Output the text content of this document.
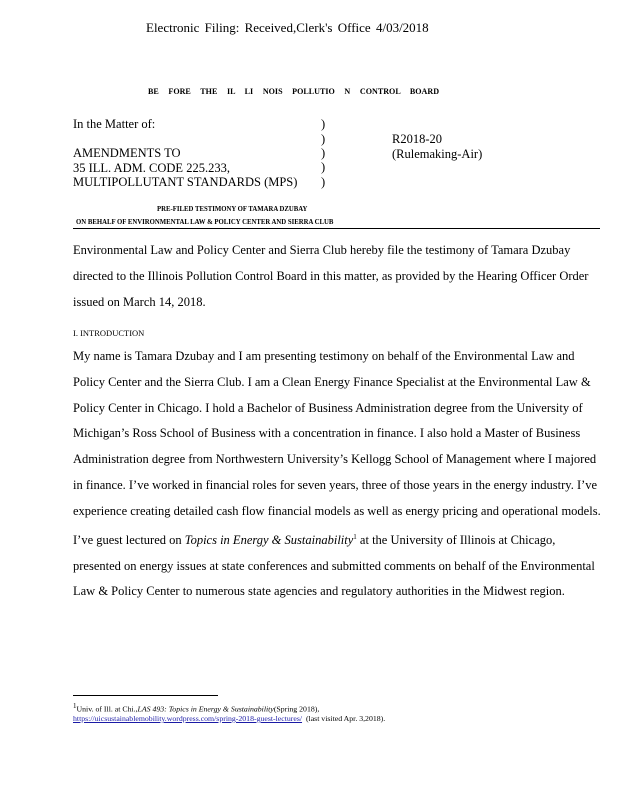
Electronic Filing: Received,Clerk's Office 4/03/2018
BE FORE THE IL LI NOIS POLLUTIO N CONTROL BOARD
In the Matter of:	)
)
)
)
)
AMENDMENTS TO
35 ILL. ADM. CODE 225.233,
MULTIPOLLUTANT STANDARDS (MPS)
R2018-20
(Rulemaking-Air)
PRE-FILED TESTIMONY OF TAMARA DZUBAY
ON BEHALF OF ENVIRONMENTAL LAW & POLICY CENTER AND SIERRA CLUB
Environmental Law and Policy Center and Sierra Club hereby file the testimony of Tamara Dzubay directed to the Illinois Pollution Control Board in this matter, as provided by the Hearing Officer Order issued on March 14, 2018.
I. INTRODUCTION
My name is Tamara Dzubay and I am presenting testimony on behalf of the Environmental Law and Policy Center and the Sierra Club. I am a Clean Energy Finance Specialist at the Environmental Law & Policy Center in Chicago. I hold a Bachelor of Business Administration degree from the University of Michigan’s Ross School of Business with a concentration in finance. I also hold a Master of Business Administration degree from Northwestern University’s Kellogg School of Management where I majored in finance. I’ve worked in financial roles for seven years, three of those years in the energy industry. I’ve experience creating detailed cash flow financial models as well as energy pricing and operational models. I’ve guest lectured on Topics in Energy & Sustainability$^1$ at the University of Illinois at Chicago, presented on energy issues at state conferences and submitted comments on behalf of the Environmental Law & Policy Center to numerous state agencies and regulatory authorities in the Midwest region.
$^1$Univ. of Ill. at Chi.,LAS 493: Topics in Energy & Sustainability(Spring 2018),
https://uicsustainablemobility.wordpress.com/spring-2018-guest-lectures/ (last visited Apr. 3,2018).
